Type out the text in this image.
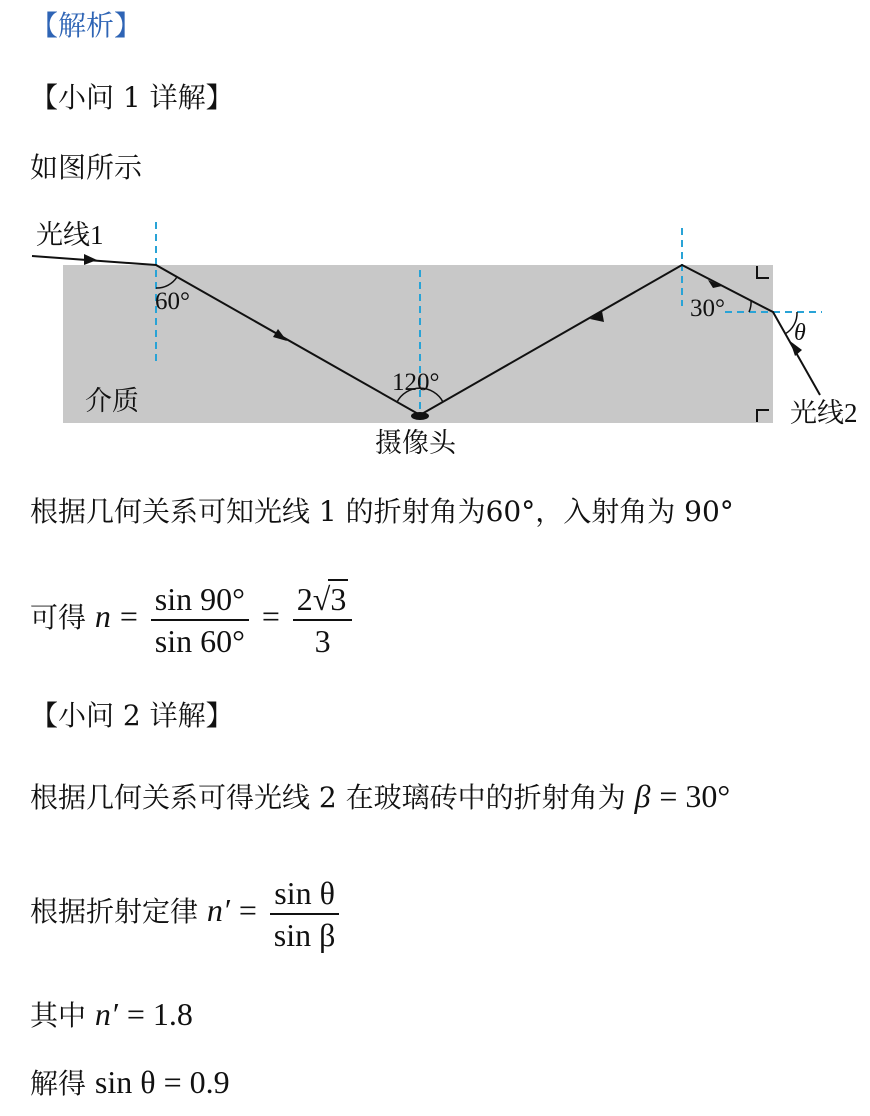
【解析】
【小问 1 详解】
如图所示
光线1
60°
120°
30°
θ
介质
摄像头
光线2
根据几何关系可知光线 1 的折射角为60°，入射角为 90°
可得 $n = \frac{\sin 90^\circ}{\sin 60^\circ} = \frac{2√3}{3}$
【小问 2 详解】
根据几何关系可得光线 2 在玻璃砖中的折射角为 β = 30°
根据折射定律 $n' = \frac{\text{sin θ}}{\text{sin β}}$
其中 n′ = 1.8
解得 sin θ = 0.9
